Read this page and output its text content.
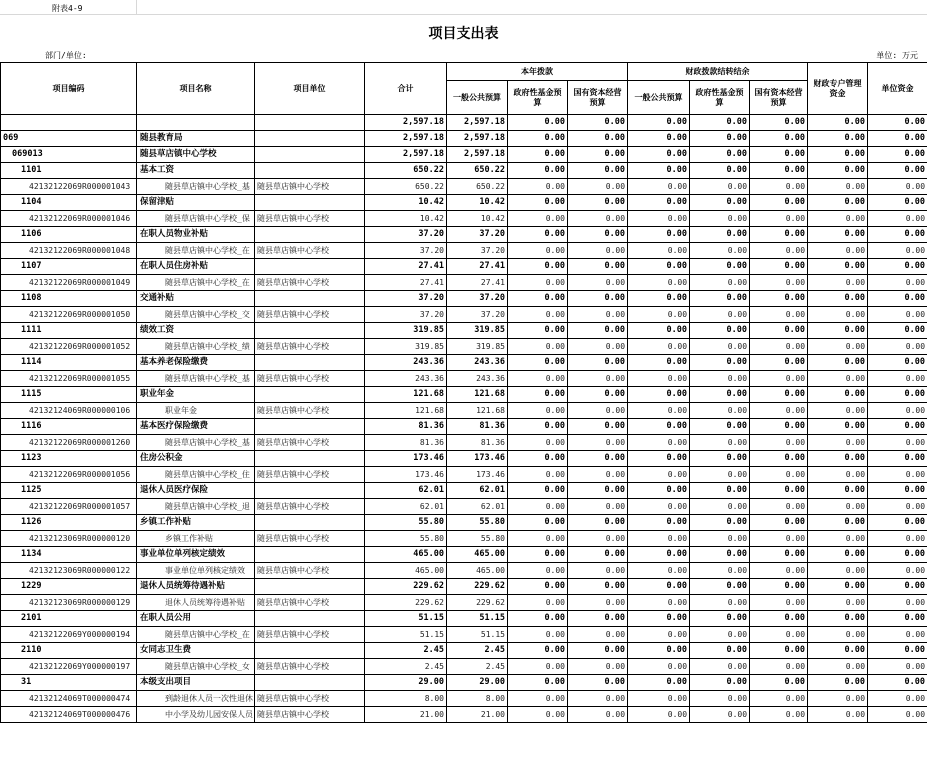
附表4-9
项目支出表
部门/单位:	单位: 万元
项目编码	项目名称	项目单位	合计	本年拨款			财政拨款结转结余			财政专户管理资金	单位资金
				一般公共预算	政府性基金预算	国有资本经营预算	一般公共预算	政府性基金预算	国有资本经营预算		
			2,597.18	2,597.18	0.00	0.00	0.00	0.00	0.00	0.00	0.00
069	随县教育局		2,597.18	2,597.18	0.00	0.00	0.00	0.00	0.00	0.00	0.00
069013	随县草店镇中心学校		2,597.18	2,597.18	0.00	0.00	0.00	0.00	0.00	0.00	0.00
1101	基本工资		650.22	650.22	0.00	0.00	0.00	0.00	0.00	0.00	0.00
42132122069R000001043	随县草店镇中心学校_基	随县草店镇中心学校	650.22	650.22	0.00	0.00	0.00	0.00	0.00	0.00	0.00
1104	保留津贴		10.42	10.42	0.00	0.00	0.00	0.00	0.00	0.00	0.00
42132122069R000001046	随县草店镇中心学校_保	随县草店镇中心学校	10.42	10.42	0.00	0.00	0.00	0.00	0.00	0.00	0.00
1106	在职人员物业补贴		37.20	37.20	0.00	0.00	0.00	0.00	0.00	0.00	0.00
42132122069R000001048	随县草店镇中心学校_在	随县草店镇中心学校	37.20	37.20	0.00	0.00	0.00	0.00	0.00	0.00	0.00
1107	在职人员住房补贴		27.41	27.41	0.00	0.00	0.00	0.00	0.00	0.00	0.00
42132122069R000001049	随县草店镇中心学校_在	随县草店镇中心学校	27.41	27.41	0.00	0.00	0.00	0.00	0.00	0.00	0.00
1108	交通补贴		37.20	37.20	0.00	0.00	0.00	0.00	0.00	0.00	0.00
42132122069R000001050	随县草店镇中心学校_交	随县草店镇中心学校	37.20	37.20	0.00	0.00	0.00	0.00	0.00	0.00	0.00
1111	绩效工资		319.85	319.85	0.00	0.00	0.00	0.00	0.00	0.00	0.00
42132122069R000001052	随县草店镇中心学校_绩	随县草店镇中心学校	319.85	319.85	0.00	0.00	0.00	0.00	0.00	0.00	0.00
1114	基本养老保险缴费		243.36	243.36	0.00	0.00	0.00	0.00	0.00	0.00	0.00
42132122069R000001055	随县草店镇中心学校_基	随县草店镇中心学校	243.36	243.36	0.00	0.00	0.00	0.00	0.00	0.00	0.00
1115	职业年金		121.68	121.68	0.00	0.00	0.00	0.00	0.00	0.00	0.00
42132124069R000000106	职业年金	随县草店镇中心学校	121.68	121.68	0.00	0.00	0.00	0.00	0.00	0.00	0.00
1116	基本医疗保险缴费		81.36	81.36	0.00	0.00	0.00	0.00	0.00	0.00	0.00
42132122069R000001260	随县草店镇中心学校_基	随县草店镇中心学校	81.36	81.36	0.00	0.00	0.00	0.00	0.00	0.00	0.00
1123	住房公积金		173.46	173.46	0.00	0.00	0.00	0.00	0.00	0.00	0.00
42132122069R000001056	随县草店镇中心学校_住	随县草店镇中心学校	173.46	173.46	0.00	0.00	0.00	0.00	0.00	0.00	0.00
1125	退休人员医疗保险		62.01	62.01	0.00	0.00	0.00	0.00	0.00	0.00	0.00
42132122069R000001057	随县草店镇中心学校_退	随县草店镇中心学校	62.01	62.01	0.00	0.00	0.00	0.00	0.00	0.00	0.00
1126	乡镇工作补贴		55.80	55.80	0.00	0.00	0.00	0.00	0.00	0.00	0.00
42132123069R000000120	乡镇工作补贴	随县草店镇中心学校	55.80	55.80	0.00	0.00	0.00	0.00	0.00	0.00	0.00
1134	事业单位单列核定绩效		465.00	465.00	0.00	0.00	0.00	0.00	0.00	0.00	0.00
42132123069R000000122	事业单位单列核定绩效	随县草店镇中心学校	465.00	465.00	0.00	0.00	0.00	0.00	0.00	0.00	0.00
1229	退休人员统筹待遇补贴		229.62	229.62	0.00	0.00	0.00	0.00	0.00	0.00	0.00
42132123069R000000129	退休人员统筹待遇补贴	随县草店镇中心学校	229.62	229.62	0.00	0.00	0.00	0.00	0.00	0.00	0.00
2101	在职人员公用		51.15	51.15	0.00	0.00	0.00	0.00	0.00	0.00	0.00
42132122069Y000000194	随县草店镇中心学校_在	随县草店镇中心学校	51.15	51.15	0.00	0.00	0.00	0.00	0.00	0.00	0.00
2110	女同志卫生费		2.45	2.45	0.00	0.00	0.00	0.00	0.00	0.00	0.00
42132122069Y000000197	随县草店镇中心学校_女	随县草店镇中心学校	2.45	2.45	0.00	0.00	0.00	0.00	0.00	0.00	0.00
31	本级支出项目		29.00	29.00	0.00	0.00	0.00	0.00	0.00	0.00	0.00
42132124069T000000474	到龄退休人员一次性退休	随县草店镇中心学校	8.00	8.00	0.00	0.00	0.00	0.00	0.00	0.00	0.00
42132124069T000000476	中小学及幼儿园安保人员	随县草店镇中心学校	21.00	21.00	0.00	0.00	0.00	0.00	0.00	0.00	0.00
